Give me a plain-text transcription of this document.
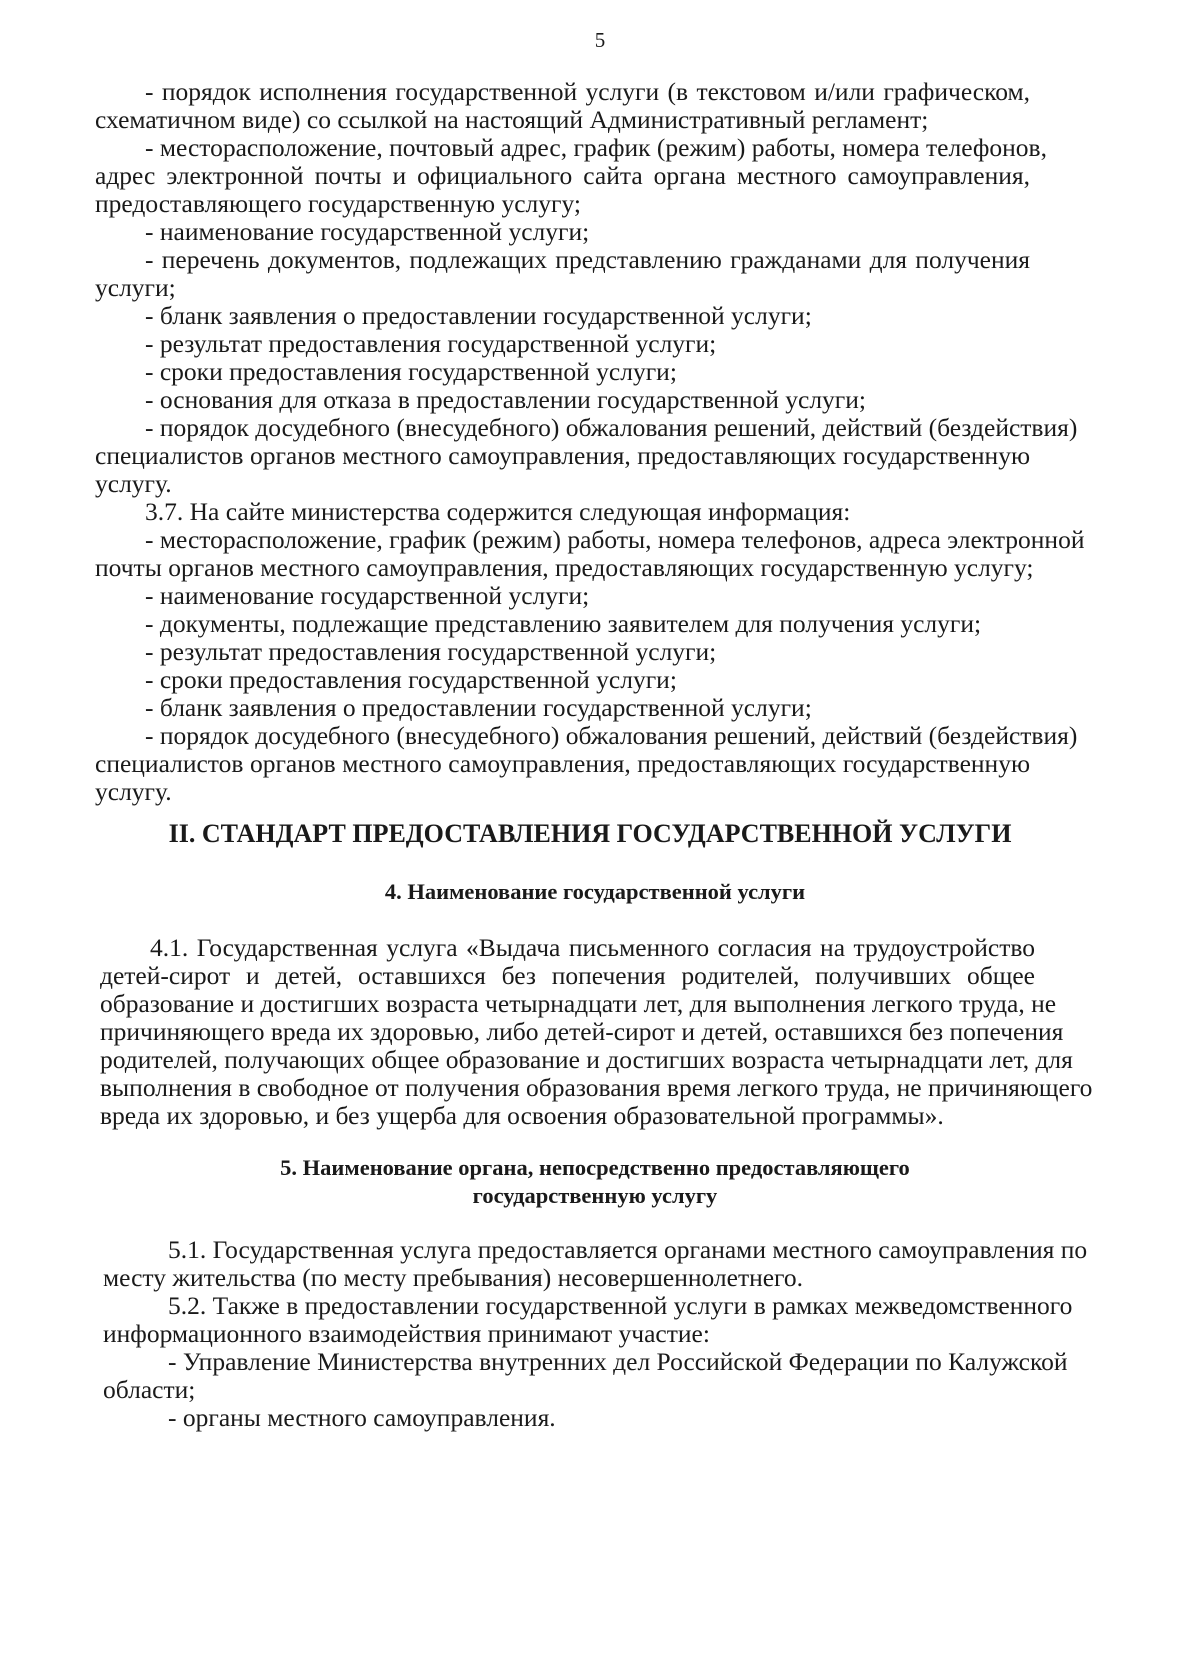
5
- порядок исполнения государственной услуги (в текстовом и/или графическом,
схематичном виде) со ссылкой на настоящий Административный регламент;
- месторасположение, почтовый адрес, график (режим) работы, номера телефонов,
адрес электронной почты и официального сайта органа местного самоуправления,
предоставляющего государственную услугу;
- наименование государственной услуги;
- перечень документов, подлежащих представлению гражданами для получения
услуги;
- бланк заявления о предоставлении государственной услуги;
- результат предоставления государственной услуги;
- сроки предоставления государственной услуги;
- основания для отказа в предоставлении государственной услуги;
- порядок досудебного (внесудебного) обжалования решений, действий (бездействия)
специалистов органов местного самоуправления, предоставляющих государственную
услугу.
3.7. На сайте министерства содержится следующая информация:
- месторасположение, график (режим) работы, номера телефонов, адреса электронной
почты органов местного самоуправления, предоставляющих государственную услугу;
- наименование государственной услуги;
- документы, подлежащие представлению заявителем для получения услуги;
- результат предоставления государственной услуги;
- сроки предоставления государственной услуги;
- бланк заявления о предоставлении государственной услуги;
- порядок досудебного (внесудебного) обжалования решений, действий (бездействия)
специалистов органов местного самоуправления, предоставляющих государственную
услугу.
II. СТАНДАРТ ПРЕДОСТАВЛЕНИЯ ГОСУДАРСТВЕННОЙ УСЛУГИ
4. Наименование государственной услуги
4.1. Государственная услуга «Выдача письменного согласия на трудоустройство
детей-сирот и детей, оставшихся без попечения родителей, получивших общее
образование и достигших возраста четырнадцати лет, для выполнения легкого труда, не
причиняющего вреда их здоровью, либо детей-сирот и детей, оставшихся без попечения
родителей, получающих общее образование и достигших возраста четырнадцати лет, для
выполнения в свободное от получения образования время легкого труда, не причиняющего
вреда их здоровью, и без ущерба для освоения образовательной программы».
5. Наименование органа, непосредственно предоставляющего
государственную услугу
5.1. Государственная услуга предоставляется органами местного самоуправления по
месту жительства (по месту пребывания) несовершеннолетнего.
5.2. Также в предоставлении государственной услуги в рамках межведомственного
информационного взаимодействия принимают участие:
- Управление Министерства внутренних дел Российской Федерации по Калужской
области;
- органы местного самоуправления.
